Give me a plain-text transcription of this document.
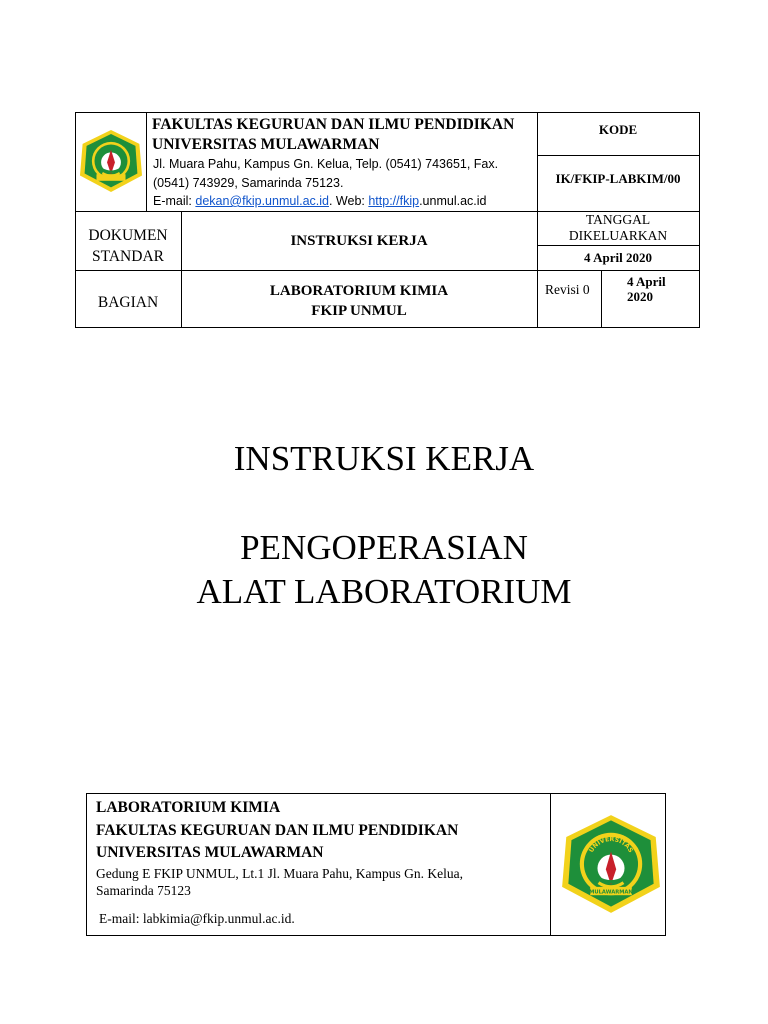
FAKULTAS KEGURUAN DAN ILMU PENDIDIKAN
UNIVERSITAS MULAWARMAN
Jl. Muara Pahu, Kampus Gn. Kelua, Telp. (0541) 743651, Fax.
(0541) 743929, Samarinda 75123.
E-mail: dekan@fkip.unmul.ac.id. Web: http://fkip.unmul.ac.id
KODE
IK/FKIP-LABKIM/00
DOKUMEN
STANDAR
INSTRUKSI KERJA
TANGGAL
DIKELUARKAN
4 April 2020
BAGIAN
LABORATORIUM KIMIA
FKIP UNMUL
Revisi 0
4 April
2020
INSTRUKSI KERJA
PENGOPERASIAN
ALAT LABORATORIUM
LABORATORIUM KIMIA
FAKULTAS KEGURUAN DAN ILMU PENDIDIKAN
UNIVERSITAS MULAWARMAN
Gedung E FKIP UNMUL, Lt.1 Jl. Muara Pahu, Kampus Gn. Kelua,
Samarinda 75123
E-mail: labkimia@fkip.unmul.ac.id.
UNIVERSITAS
MULAWARMAN
